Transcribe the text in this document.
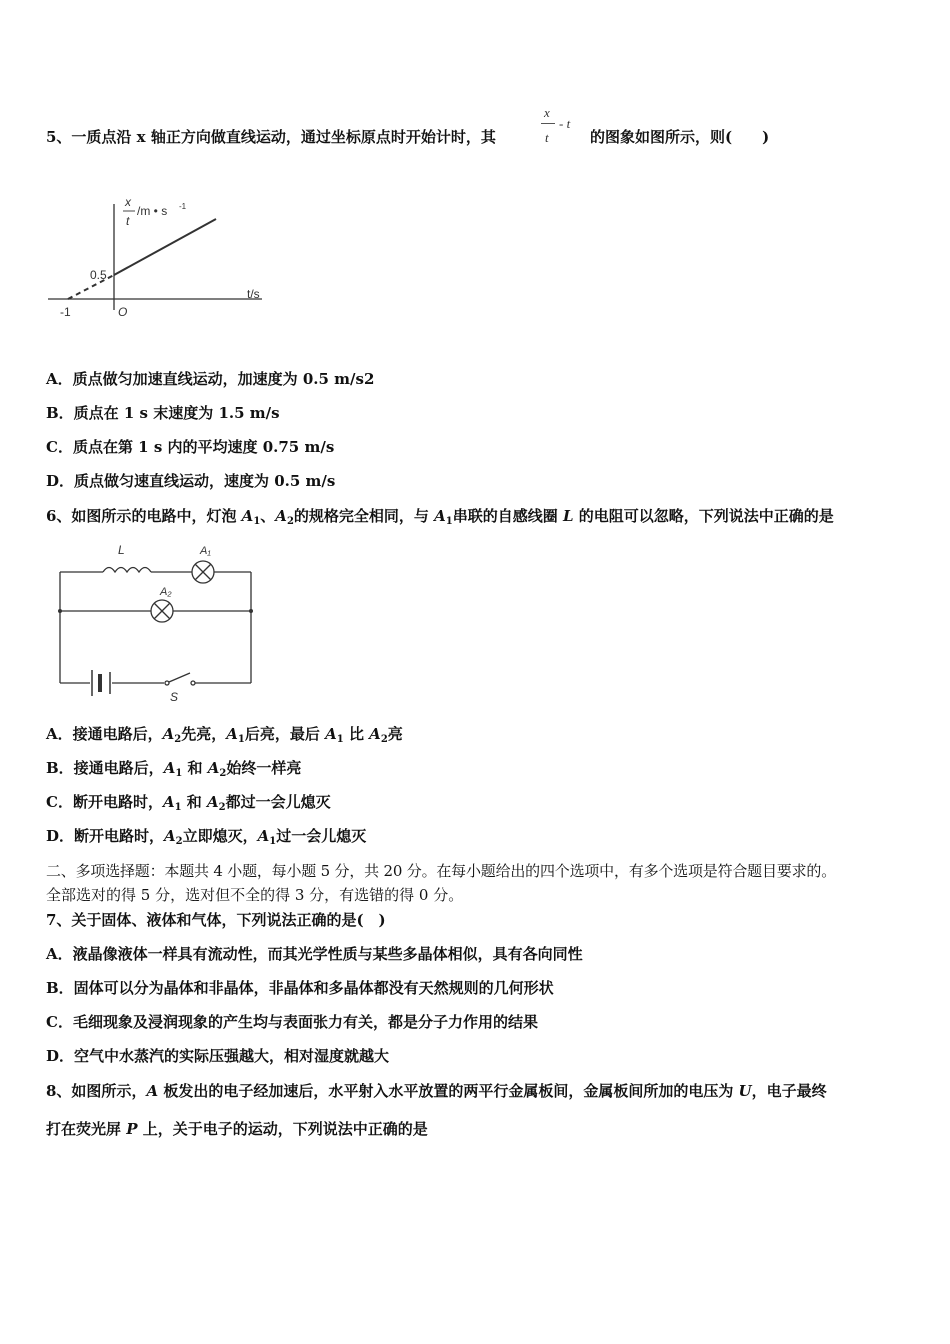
5、一质点沿 x 轴正方向做直线运动，通过坐标原点时开始计时，其
x
t
- t
的图象如图所示，则(　　)
x
t
/m • s -1
t/s
0.5
-1	O
A．质点做匀加速直线运动，加速度为 0.5 m/s2
B．质点在 1 s 末速度为 1.5 m/s
C．质点在第 1 s 内的平均速度 0.75 m/s
D．质点做匀速直线运动，速度为 0.5 m/s
6、如图所示的电路中，灯泡 $A_1$、$A_2$的规格完全相同，与 $A_1$串联的自感线圈 L 的电阻可以忽略，下列说法中正确的是
L	A₁
A₂
S
A．接通电路后，$A_2$先亮，$A_1$后亮，最后 $A_1$ 比 $A_2$亮
B．接通电路后，$A_1$ 和 $A_2$始终一样亮
C．断开电路时，$A_1$ 和 $A_2$都过一会儿熄灭
D．断开电路时，$A_2$立即熄灭，$A_1$过一会儿熄灭
二、多项选择题：本题共 4 小题，每小题 5 分，共 20 分。在每小题给出的四个选项中，有多个选项是符合题目要求的。
全部选对的得 5 分，选对但不全的得 3 分，有选错的得 0 分。
7、关于固体、液体和气体，下列说法正确的是(　)
A．液晶像液体一样具有流动性，而其光学性质与某些多晶体相似，具有各向同性
B．固体可以分为晶体和非晶体，非晶体和多晶体都没有天然规则的几何形状
C．毛细现象及浸润现象的产生均与表面张力有关，都是分子力作用的结果
D．空气中水蒸汽的实际压强越大，相对湿度就越大
8、如图所示，A 板发出的电子经加速后，水平射入水平放置的两平行金属板间，金属板间所加的电压为 U，电子最终
打在荧光屏 P 上，关于电子的运动，下列说法中正确的是
